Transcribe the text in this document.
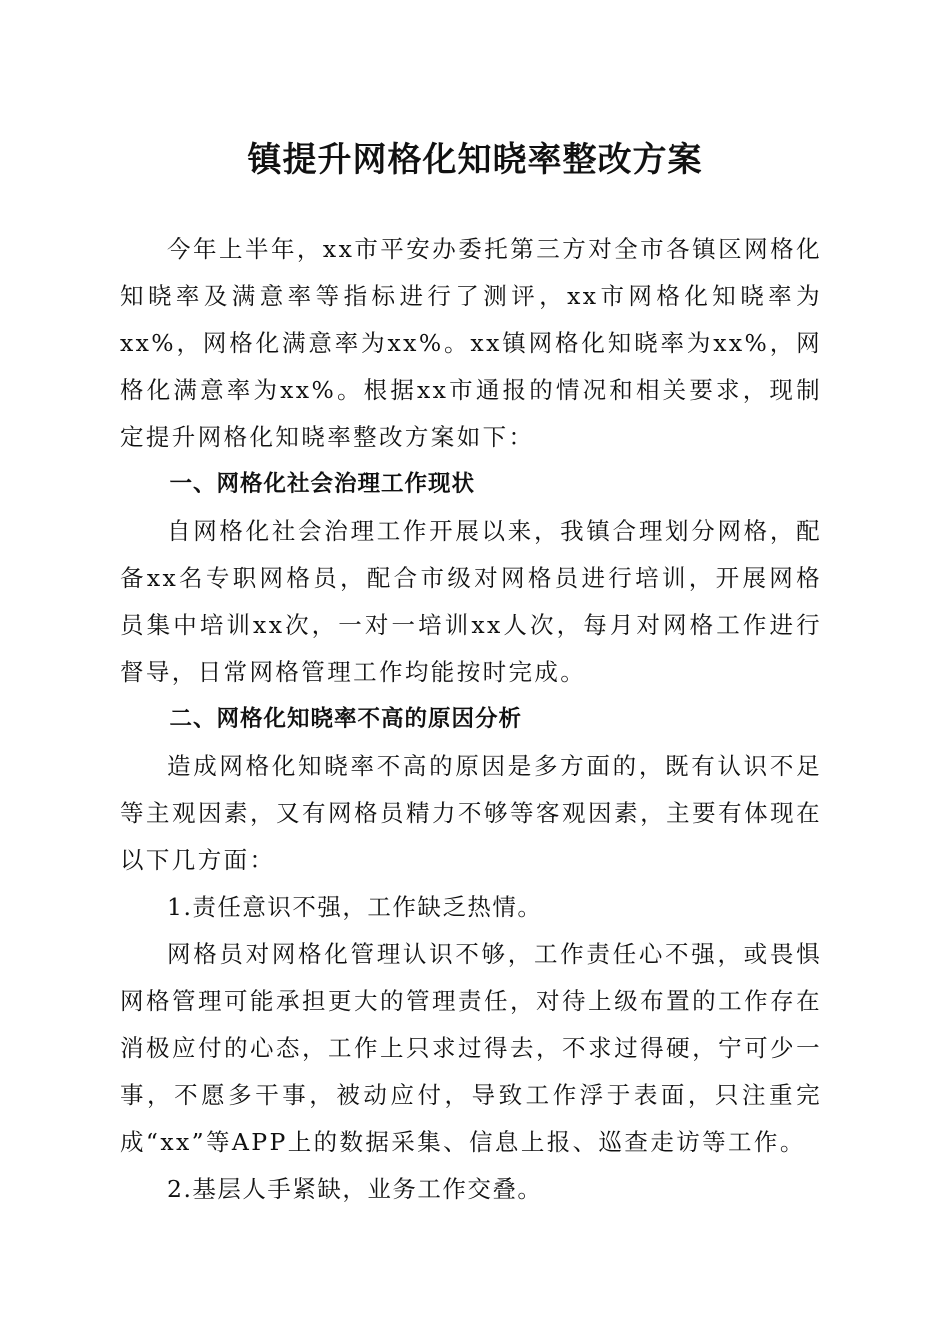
镇提升网格化知晓率整改方案

今年上半年，xx市平安办委托第三方对全市各镇区网格化知晓率及满意率等指标进行了测评，xx市网格化知晓率为xx%，网格化满意率为xx%。xx镇网格化知晓率为xx%，网格化满意率为xx%。根据xx市通报的情况和相关要求，现制定提升网格化知晓率整改方案如下：

一、网格化社会治理工作现状

自网格化社会治理工作开展以来，我镇合理划分网格，配备xx名专职网格员，配合市级对网格员进行培训，开展网格员集中培训xx次，一对一培训xx人次，每月对网格工作进行督导，日常网格管理工作均能按时完成。

二、网格化知晓率不高的原因分析

造成网格化知晓率不高的原因是多方面的，既有认识不足等主观因素，又有网格员精力不够等客观因素，主要有体现在以下几方面：

1.责任意识不强，工作缺乏热情。

网格员对网格化管理认识不够，工作责任心不强，或畏惧网格管理可能承担更大的管理责任，对待上级布置的工作存在消极应付的心态，工作上只求过得去，不求过得硬，宁可少一事，不愿多干事，被动应付，导致工作浮于表面，只注重完成“xx”等APP上的数据采集、信息上报、巡查走访等工作。

2.基层人手紧缺，业务工作交叠。
